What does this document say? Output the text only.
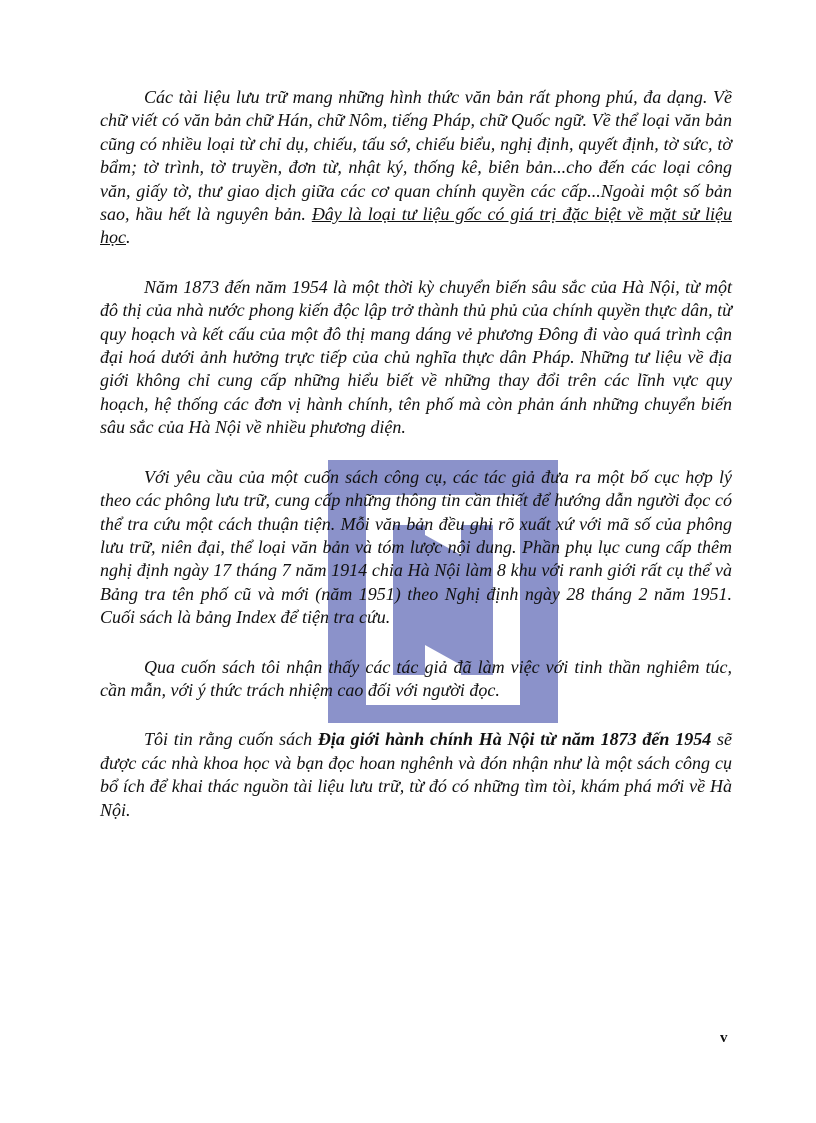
Các tài liệu lưu trữ mang những hình thức văn bản rất phong phú, đa dạng. Về chữ viết có văn bản chữ Hán, chữ Nôm, tiếng Pháp, chữ Quốc ngữ. Về thể loại văn bản cũng có nhiều loại từ chỉ dụ, chiếu, tấu sớ, chiếu biểu, nghị định, quyết định, tờ sức, tờ bẩm; tờ trình, tờ truyền, đơn từ, nhật ký, thống kê, biên bản...cho đến các loại công văn, giấy tờ, thư giao dịch giữa các cơ quan chính quyền các cấp...Ngoài một số bản sao, hầu hết là nguyên bản. Đây là loại tư liệu gốc có giá trị đặc biệt về mặt sử liệu học.

Năm 1873 đến năm 1954 là một thời kỳ chuyển biến sâu sắc của Hà Nội, từ một đô thị của nhà nước phong kiến độc lập trở thành thủ phủ của chính quyền thực dân, từ quy hoạch và kết cấu của một đô thị mang dáng vẻ phương Đông đi vào quá trình cận đại hoá dưới ảnh hưởng trực tiếp của chủ nghĩa thực dân Pháp. Những tư liệu về địa giới không chỉ cung cấp những hiểu biết về những thay đổi trên các lĩnh vực quy hoạch, hệ thống các đơn vị hành chính, tên phố mà còn phản ánh những chuyển biến sâu sắc của Hà Nội về nhiều phương diện.

Với yêu cầu của một cuốn sách công cụ, các tác giả đưa ra một bố cục hợp lý theo các phông lưu trữ, cung cấp những thông tin cần thiết để hướng dẫn người đọc có thể tra cứu một cách thuận tiện. Mỗi văn bản đều ghi rõ xuất xứ với mã số của phông lưu trữ, niên đại, thể loại văn bản và tóm lược nội dung. Phần phụ lục cung cấp thêm nghị định ngày 17 tháng 7 năm 1914 chia Hà Nội làm 8 khu với ranh giới rất cụ thể và Bảng tra tên phố cũ và mới (năm 1951) theo Nghị định ngày 28 tháng 2 năm 1951. Cuối sách là bảng Index để tiện tra cứu.

Qua cuốn sách tôi nhận thấy các tác giả đã làm việc với tinh thần nghiêm túc, cần mẫn, với ý thức trách nhiệm cao đối với người đọc.

Tôi tin rằng cuốn sách Địa giới hành chính Hà Nội từ năm 1873 đến 1954 sẽ được các nhà khoa học và bạn đọc hoan nghênh và đón nhận như là một sách công cụ bổ ích để khai thác nguồn tài liệu lưu trữ, từ đó có những tìm tòi, khám phá mới về Hà Nội.

v
